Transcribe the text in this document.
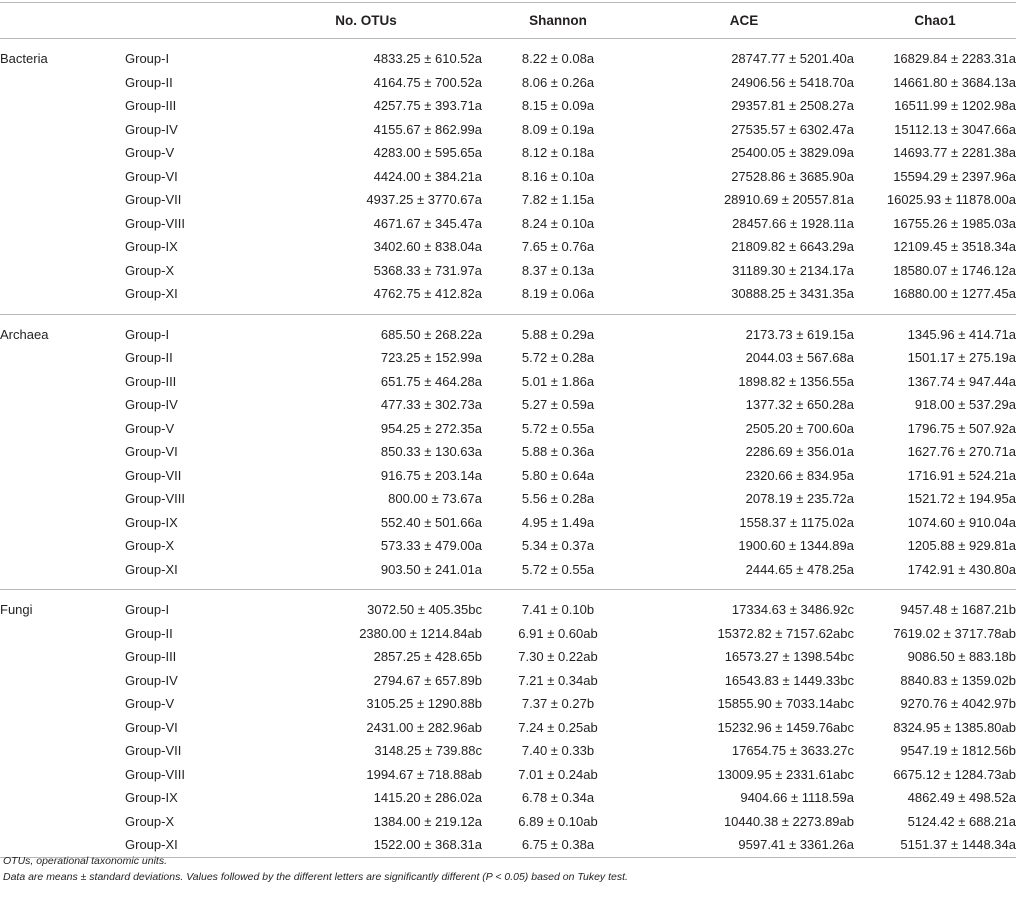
		No. OTUs	Shannon	ACE	Chao1
Bacteria	Group-I	4833.25 ± 610.52a	8.22 ± 0.08a	28747.77 ± 5201.40a	16829.84 ± 2283.31a
	Group-II	4164.75 ± 700.52a	8.06 ± 0.26a	24906.56 ± 5418.70a	14661.80 ± 3684.13a
	Group-III	4257.75 ± 393.71a	8.15 ± 0.09a	29357.81 ± 2508.27a	16511.99 ± 1202.98a
	Group-IV	4155.67 ± 862.99a	8.09 ± 0.19a	27535.57 ± 6302.47a	15112.13 ± 3047.66a
	Group-V	4283.00 ± 595.65a	8.12 ± 0.18a	25400.05 ± 3829.09a	14693.77 ± 2281.38a
	Group-VI	4424.00 ± 384.21a	8.16 ± 0.10a	27528.86 ± 3685.90a	15594.29 ± 2397.96a
	Group-VII	4937.25 ± 3770.67a	7.82 ± 1.15a	28910.69 ± 20557.81a	16025.93 ± 11878.00a
	Group-VIII	4671.67 ± 345.47a	8.24 ± 0.10a	28457.66 ± 1928.11a	16755.26 ± 1985.03a
	Group-IX	3402.60 ± 838.04a	7.65 ± 0.76a	21809.82 ± 6643.29a	12109.45 ± 3518.34a
	Group-X	5368.33 ± 731.97a	8.37 ± 0.13a	31189.30 ± 2134.17a	18580.07 ± 1746.12a
	Group-XI	4762.75 ± 412.82a	8.19 ± 0.06a	30888.25 ± 3431.35a	16880.00 ± 1277.45a
Archaea	Group-I	685.50 ± 268.22a	5.88 ± 0.29a	2173.73 ± 619.15a	1345.96 ± 414.71a
	Group-II	723.25 ± 152.99a	5.72 ± 0.28a	2044.03 ± 567.68a	1501.17 ± 275.19a
	Group-III	651.75 ± 464.28a	5.01 ± 1.86a	1898.82 ± 1356.55a	1367.74 ± 947.44a
	Group-IV	477.33 ± 302.73a	5.27 ± 0.59a	1377.32 ± 650.28a	918.00 ± 537.29a
	Group-V	954.25 ± 272.35a	5.72 ± 0.55a	2505.20 ± 700.60a	1796.75 ± 507.92a
	Group-VI	850.33 ± 130.63a	5.88 ± 0.36a	2286.69 ± 356.01a	1627.76 ± 270.71a
	Group-VII	916.75 ± 203.14a	5.80 ± 0.64a	2320.66 ± 834.95a	1716.91 ± 524.21a
	Group-VIII	800.00 ± 73.67a	5.56 ± 0.28a	2078.19 ± 235.72a	1521.72 ± 194.95a
	Group-IX	552.40 ± 501.66a	4.95 ± 1.49a	1558.37 ± 1175.02a	1074.60 ± 910.04a
	Group-X	573.33 ± 479.00a	5.34 ± 0.37a	1900.60 ± 1344.89a	1205.88 ± 929.81a
	Group-XI	903.50 ± 241.01a	5.72 ± 0.55a	2444.65 ± 478.25a	1742.91 ± 430.80a
Fungi	Group-I	3072.50 ± 405.35bc	7.41 ± 0.10b	17334.63 ± 3486.92c	9457.48 ± 1687.21b
	Group-II	2380.00 ± 1214.84ab	6.91 ± 0.60ab	15372.82 ± 7157.62abc	7619.02 ± 3717.78ab
	Group-III	2857.25 ± 428.65b	7.30 ± 0.22ab	16573.27 ± 1398.54bc	9086.50 ± 883.18b
	Group-IV	2794.67 ± 657.89b	7.21 ± 0.34ab	16543.83 ± 1449.33bc	8840.83 ± 1359.02b
	Group-V	3105.25 ± 1290.88b	7.37 ± 0.27b	15855.90 ± 7033.14abc	9270.76 ± 4042.97b
	Group-VI	2431.00 ± 282.96ab	7.24 ± 0.25ab	15232.96 ± 1459.76abc	8324.95 ± 1385.80ab
	Group-VII	3148.25 ± 739.88c	7.40 ± 0.33b	17654.75 ± 3633.27c	9547.19 ± 1812.56b
	Group-VIII	1994.67 ± 718.88ab	7.01 ± 0.24ab	13009.95 ± 2331.61abc	6675.12 ± 1284.73ab
	Group-IX	1415.20 ± 286.02a	6.78 ± 0.34a	9404.66 ± 1118.59a	4862.49 ± 498.52a
	Group-X	1384.00 ± 219.12a	6.89 ± 0.10ab	10440.38 ± 2273.89ab	5124.42 ± 688.21a
	Group-XI	1522.00 ± 368.31a	6.75 ± 0.38a	9597.41 ± 3361.26a	5151.37 ± 1448.34a
OTUs, operational taxonomic units.
Data are means ± standard deviations. Values followed by the different letters are significantly different (P < 0.05) based on Tukey test.
